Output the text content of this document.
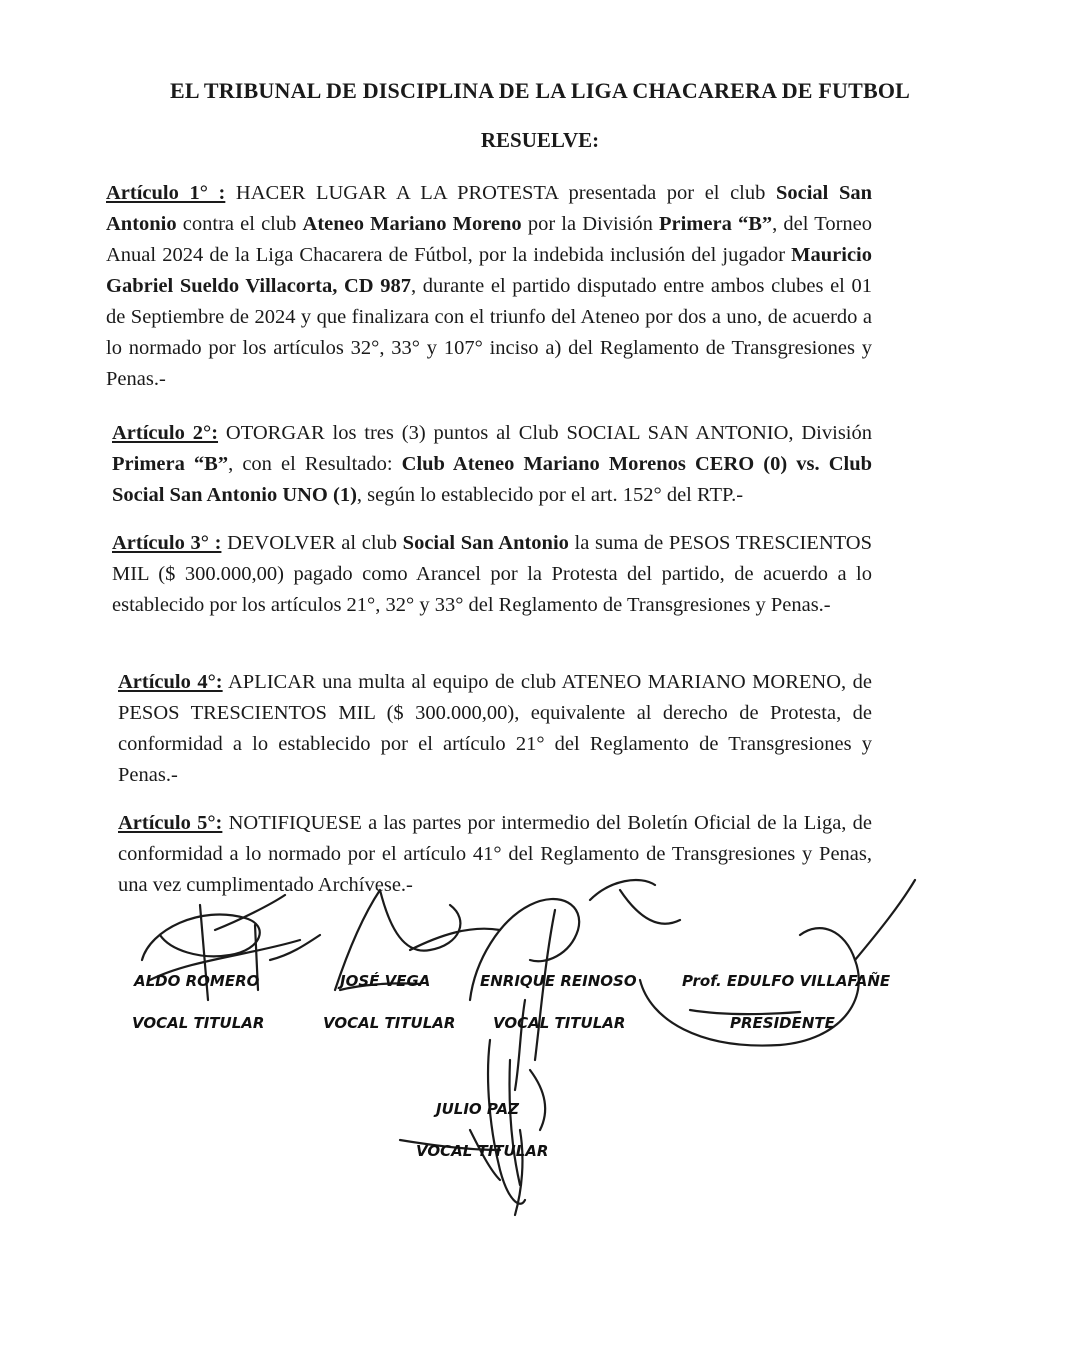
EL TRIBUNAL DE DISCIPLINA DE LA LIGA CHACARERA DE FUTBOL
RESUELVE:
Artículo 1° : HACER LUGAR A LA PROTESTA presentada por el club Social San Antonio contra el club Ateneo Mariano Moreno por la División Primera “B”, del Torneo Anual 2024 de la Liga Chacarera de Fútbol, por la indebida inclusión del jugador Mauricio Gabriel Sueldo Villacorta, CD 987, durante el partido disputado entre ambos clubes el 01 de Septiembre de 2024 y que finalizara con el triunfo del Ateneo por dos a uno, de acuerdo a lo normado por los artículos 32°, 33° y 107° inciso a) del Reglamento de Transgresiones y Penas.-
Artículo 2°: OTORGAR los tres (3) puntos al Club SOCIAL SAN ANTONIO, División Primera “B”, con el Resultado: Club Ateneo Mariano Morenos CERO (0) vs. Club Social San Antonio UNO (1), según lo establecido por el art. 152° del RTP.-
Artículo 3° : DEVOLVER al club Social San Antonio la suma de PESOS TRESCIENTOS MIL ($ 300.000,00) pagado como Arancel por la Protesta del partido, de acuerdo a lo establecido por los artículos 21°, 32° y 33° del Reglamento de Transgresiones y Penas.-
Artículo 4°: APLICAR una multa al equipo de club ATENEO MARIANO MORENO, de PESOS TRESCIENTOS MIL ($ 300.000,00), equivalente al derecho de Protesta, de conformidad a lo establecido por el artículo 21° del Reglamento de Transgresiones y Penas.-
Artículo 5°: NOTIFIQUESE a las partes por intermedio del Boletín Oficial de la Liga, de conformidad a lo normado por el artículo 41° del Reglamento de Transgresiones y Penas, una vez cumplimentado Archívese.-
ALDO ROMERO
VOCAL TITULAR
JOSÉ VEGA
VOCAL TITULAR
ENRIQUE REINOSO
VOCAL TITULAR
Prof. EDULFO VILLAFAÑE
PRESIDENTE
JULIO PAZ
VOCAL TITULAR
